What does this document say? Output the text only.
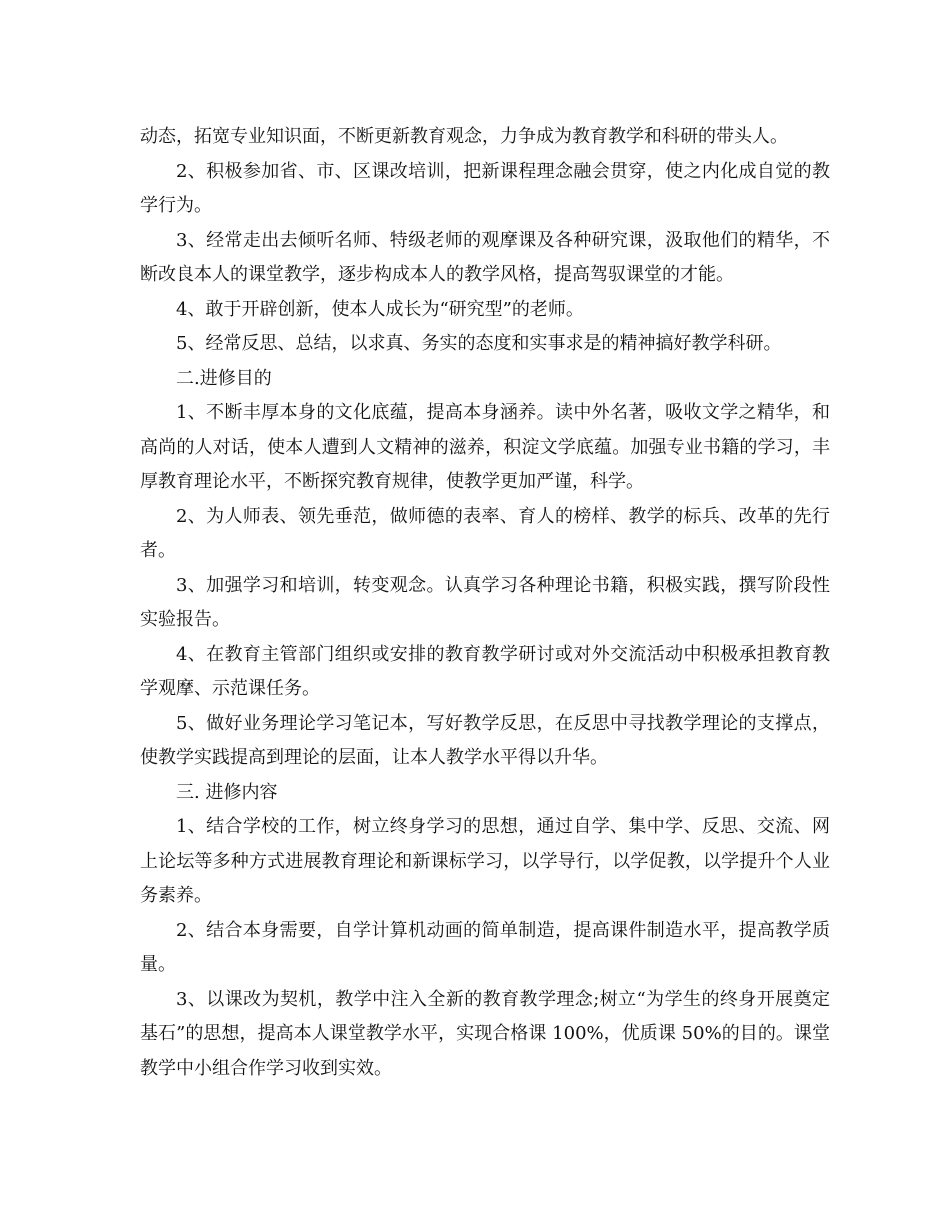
动态，拓宽专业知识面，不断更新教育观念，力争成为教育教学和科研的带头人。

2、积极参加省、市、区课改培训，把新课程理念融会贯穿，使之内化成自觉的教学行为。

3、经常走出去倾听名师、特级老师的观摩课及各种研究课，汲取他们的精华，不断改良本人的课堂教学，逐步构成本人的教学风格，提高驾驭课堂的才能。

4、敢于开辟创新，使本人成长为“研究型”的老师。

5、经常反思、总结，以求真、务实的态度和实事求是的精神搞好教学科研。

二.进修目的

1、不断丰厚本身的文化底蕴，提高本身涵养。读中外名著，吸收文学之精华，和高尚的人对话，使本人遭到人文精神的滋养，积淀文学底蕴。加强专业书籍的学习，丰厚教育理论水平，不断探究教育规律，使教学更加严谨，科学。

2、为人师表、领先垂范，做师德的表率、育人的榜样、教学的标兵、改革的先行者。

3、加强学习和培训，转变观念。认真学习各种理论书籍，积极实践，撰写阶段性实验报告。

4、在教育主管部门组织或安排的教育教学研讨或对外交流活动中积极承担教育教学观摩、示范课任务。

5、做好业务理论学习笔记本，写好教学反思，在反思中寻找教学理论的支撑点，使教学实践提高到理论的层面，让本人教学水平得以升华。

三. 进修内容

1、结合学校的工作，树立终身学习的思想，通过自学、集中学、反思、交流、网上论坛等多种方式进展教育理论和新课标学习，以学导行，以学促教，以学提升个人业务素养。

2、结合本身需要，自学计算机动画的简单制造，提高课件制造水平，提高教学质量。

3、以课改为契机，教学中注入全新的教育教学理念;树立“为学生的终身开展奠定基石”的思想，提高本人课堂教学水平，实现合格课 100%，优质课 50%的目的。课堂教学中小组合作学习收到实效。
